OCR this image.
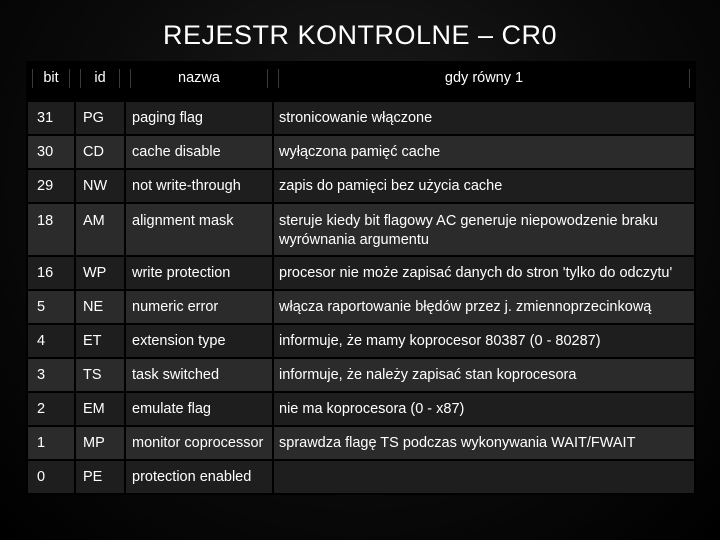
REJESTR KONTROLNE – CR0
bit	id	nazwa	gdy równy 1

31	PG	paging flag	stronicowanie włączone
30	CD	cache disable	wyłączona pamięć cache
29	NW	not write-through	zapis do pamięci bez użycia cache
18	AM	alignment mask	steruje kiedy bit flagowy AC generuje niepowodzenie braku
wyrównania argumentu
16	WP	write protection	procesor nie może zapisać danych do stron 'tylko do odczytu'
5	NE	numeric error	włącza raportowanie błędów przez j. zmiennoprzecinkową
4	ET	extension type	informuje, że mamy koprocesor 80387 (0 - 80287)
3	TS	task switched	informuje, że należy zapisać stan koprocesora
2	EM	emulate flag	nie ma koprocesora (0 - x87)
1	MP	monitor coprocessor	sprawdza flagę TS podczas wykonywania WAIT/FWAIT
0	PE	protection enabled	
